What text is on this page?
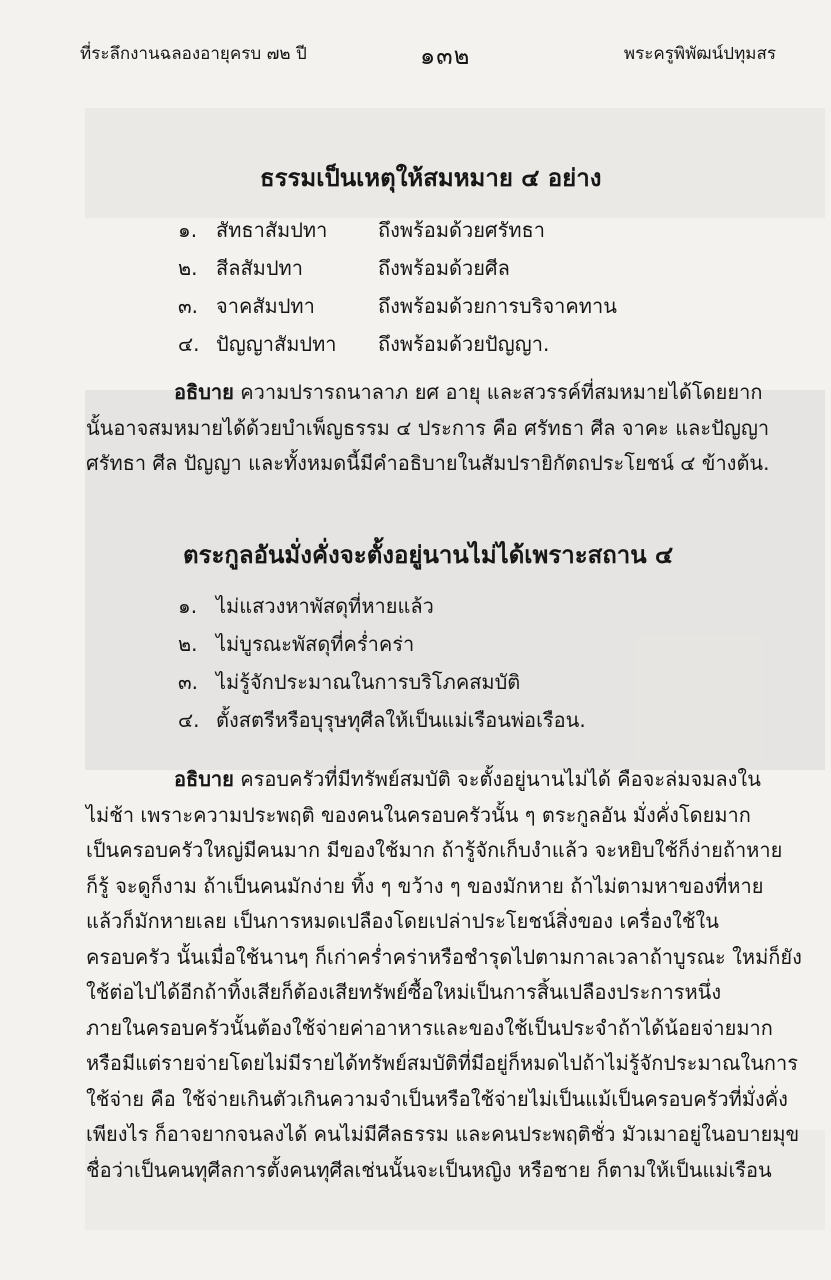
ที่ระลึกงานฉลองอายุครบ ๗๒ ปี	๑๓๒	พระครูพิพัฒน์ปทุมสร
ธรรมเป็นเหตุให้สมหมาย ๔ อย่าง
๑. สัทธาสัมปทา	ถึงพร้อมด้วยศรัทธา
๒. สีลสัมปทา	ถึงพร้อมด้วยศีล
๓. จาคสัมปทา	ถึงพร้อมด้วยการบริจาคทาน
๔. ปัญญาสัมปทา ถึงพร้อมด้วยปัญญา.
อธิบาย ความปรารถนาลาภ ยศ อายุ และสวรรค์ที่สมหมายได้โดยยาก
นั้นอาจสมหมายได้ด้วยบำเพ็ญธรรม ๔ ประการ คือ ศรัทธา ศีล จาคะ และปัญญา
ศรัทธา ศีล ปัญญา และทั้งหมดนี้มีคำอธิบายในสัมปรายิกัตถประโยชน์ ๔ ข้างต้น.
ตระกูลอันมั่งคั่งจะตั้งอยู่นานไม่ได้เพราะสถาน ๔
๑. ไม่แสวงหาพัสดุที่หายแล้ว
๒. ไม่บูรณะพัสดุที่คร่ำคร่า
๓. ไม่รู้จักประมาณในการบริโภคสมบัติ
๔. ตั้งสตรีหรือบุรุษทุศีลให้เป็นแม่เรือนพ่อเรือน.
อธิบาย ครอบครัวที่มีทรัพย์สมบัติ จะตั้งอยู่นานไม่ได้ คือจะล่มจมลงใน
ไม่ช้า เพราะความประพฤติ ของคนในครอบครัวนั้น ๆ ตระกูลอัน มั่งคั่งโดยมาก
เป็นครอบครัวใหญ่มีคนมาก มีของใช้มาก ถ้ารู้จักเก็บงำแล้ว จะหยิบใช้ก็ง่ายถ้าหาย
ก็รู้ จะดูก็งาม ถ้าเป็นคนมักง่าย ทิ้ง ๆ ขว้าง ๆ ของมักหาย ถ้าไม่ตามหาของที่หาย
แล้วก็มักหายเลย เป็นการหมดเปลืองโดยเปล่าประโยชน์สิ่งของ เครื่องใช้ใน
ครอบครัว นั้นเมื่อใช้นานๆ ก็เก่าคร่ำคร่าหรือชำรุดไปตามกาลเวลาถ้าบูรณะ ใหม่ก็ยัง
ใช้ต่อไปได้อีกถ้าทิ้งเสียก็ต้องเสียทรัพย์ซื้อใหม่เป็นการสิ้นเปลืองประการหนึ่ง
ภายในครอบครัวนั้นต้องใช้จ่ายค่าอาหารและของใช้เป็นประจำถ้าได้น้อยจ่ายมาก
หรือมีแต่รายจ่ายโดยไม่มีรายได้ทรัพย์สมบัติที่มีอยู่ก็หมดไปถ้าไม่รู้จักประมาณในการ
ใช้จ่าย คือ ใช้จ่ายเกินตัวเกินความจำเป็นหรือใช้จ่ายไม่เป็นแม้เป็นครอบครัวที่มั่งคั่ง
เพียงไร ก็อาจยากจนลงได้ คนไม่มีศีลธรรม และคนประพฤติชั่ว มัวเมาอยู่ในอบายมุข
ชื่อว่าเป็นคนทุศีลการตั้งคนทุศีลเช่นนั้นจะเป็นหญิง หรือชาย ก็ตามให้เป็นแม่เรือน
